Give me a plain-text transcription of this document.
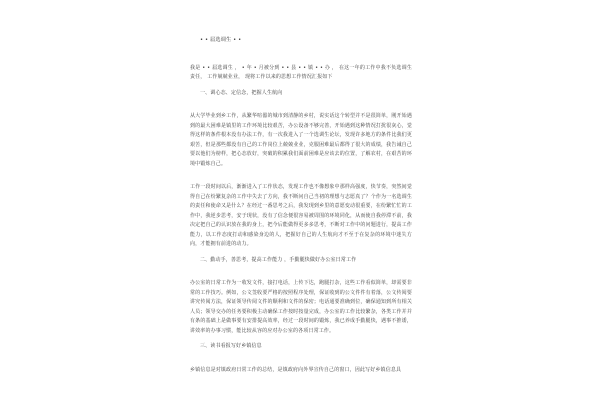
• • 届选调生 • •

我是 • • 届选调生 ， • 年 • 月被分到 • • 县 • • 镇 • • 办 ， 在这一年的工作中我不负选调生责任， 工作兢兢业业， 现将工作以来的思想工作情况汇报如下

一、调心态、定信念，把握人生航向

从大学毕业到乡工作，从繁华喧嚣的城市到清静的乡村，说实话这个转型并不是很简单，刚开始遇到的最大困难是镇里的工作环境比较艰苦，办公设备不够完善，开始遇到这种情况打扰很灰心，觉得这样的条件根本没有办法工作，有一次我进入了一个选调生论坛，发现许多地方的条件比我们更艰苦，但是那些都没有自己的工作岗位上兢兢业业，克服困难最后都得了很大的成绩，我告诫自己要以他们为榜样，把心态放好，突破的积累我们面前困难是应该去的位置，了解农村，在艰苦的环境中锻炼自己。

工作一段时间以后，渐渐进入了工作状态，发现工作也不像想象中那样高强度，快节奏，突然间觉得自己在纷繁复杂的工作中失去了方向，我不断问自己当初的理想与志愿真了？个作为一名选调生的责任和使命又是什么？在经过一番思考之后，我发现到乡里的意愿变动很重要，在纷繁忙忙的工作中，我逆步思考，安于现状，没有了信念便很容易被周围的环境同化，从而使自我停滞不前，我决定把自己的认识放在我的身上，把今后能做得更多多思考，不断对工作中的问题进行，提高工作能力，以工作态度打动和感染身边的人，把握好自己的人生航向才不至于在复杂的环境中迷失方向，才能拥有前进的动力。

二、勤动手，善思考，提高工作能力 ，手勤腿快做好办公室日常工作

办公室的日常工作为一收发文件，接打电话，上传下达，跑腿打杂，这些工作看似简单，却需要非常的工作技巧。例如，公文签收要严格的按照程序处理，保证收到的公文件件有着落，公文传阅要讲究传阅方法，保证领导传阅文件的顺利和文件的保密；电话通要准确到位，确保通知到所有相关人员；领导交办的任务要积极主动确保工作按时按量完成，办公室的工作比较繁杂，各类工作并并有条的基础上是做事要有安排提高效率，经过一段时间的锻炼，我已养成手勤腿快，遇事不推诿，讲效率的办事习惯，能比较从容的应对办公室的各项日常工作。

三、读书看报写好乡镇信息

乡镇信息是对镇政府日常工作的总结，是镇政府向外界宣传自己的窗口，因此写好乡镇信息具
